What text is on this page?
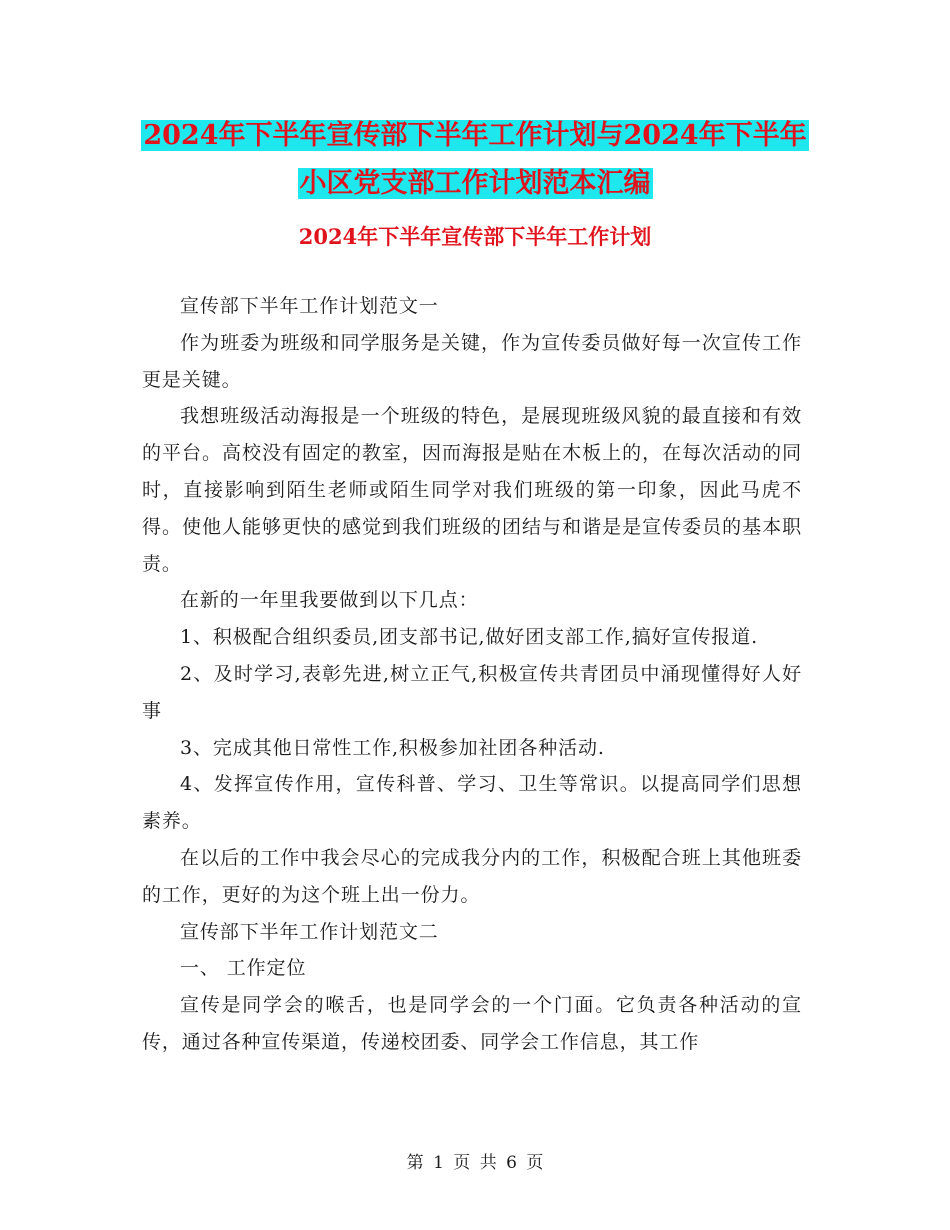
2024年下半年宣传部下半年工作计划与2024年下半年
小区党支部工作计划范本汇编
2024年下半年宣传部下半年工作计划

宣传部下半年工作计划范文一

作为班委为班级和同学服务是关键，作为宣传委员做好每一次宣传工作更是关键。

我想班级活动海报是一个班级的特色，是展现班级风貌的最直接和有效的平台。高校没有固定的教室，因而海报是贴在木板上的，在每次活动的同时，直接影响到陌生老师或陌生同学对我们班级的第一印象，因此马虎不得。使他人能够更快的感觉到我们班级的团结与和谐是是宣传委员的基本职责。

在新的一年里我要做到以下几点：

1、积极配合组织委员,团支部书记,做好团支部工作,搞好宣传报道.

2、及时学习,表彰先进,树立正气,积极宣传共青团员中涌现懂得好人好事

3、完成其他日常性工作,积极参加社团各种活动.

4、发挥宣传作用，宣传科普、学习、卫生等常识。以提高同学们思想素养。

在以后的工作中我会尽心的完成我分内的工作，积极配合班上其他班委的工作，更好的为这个班上出一份力。

宣传部下半年工作计划范文二

一、 工作定位

宣传是同学会的喉舌，也是同学会的一个门面。它负责各种活动的宣传，通过各种宣传渠道，传递校团委、同学会工作信息，其工作

第 1 页 共 6 页
